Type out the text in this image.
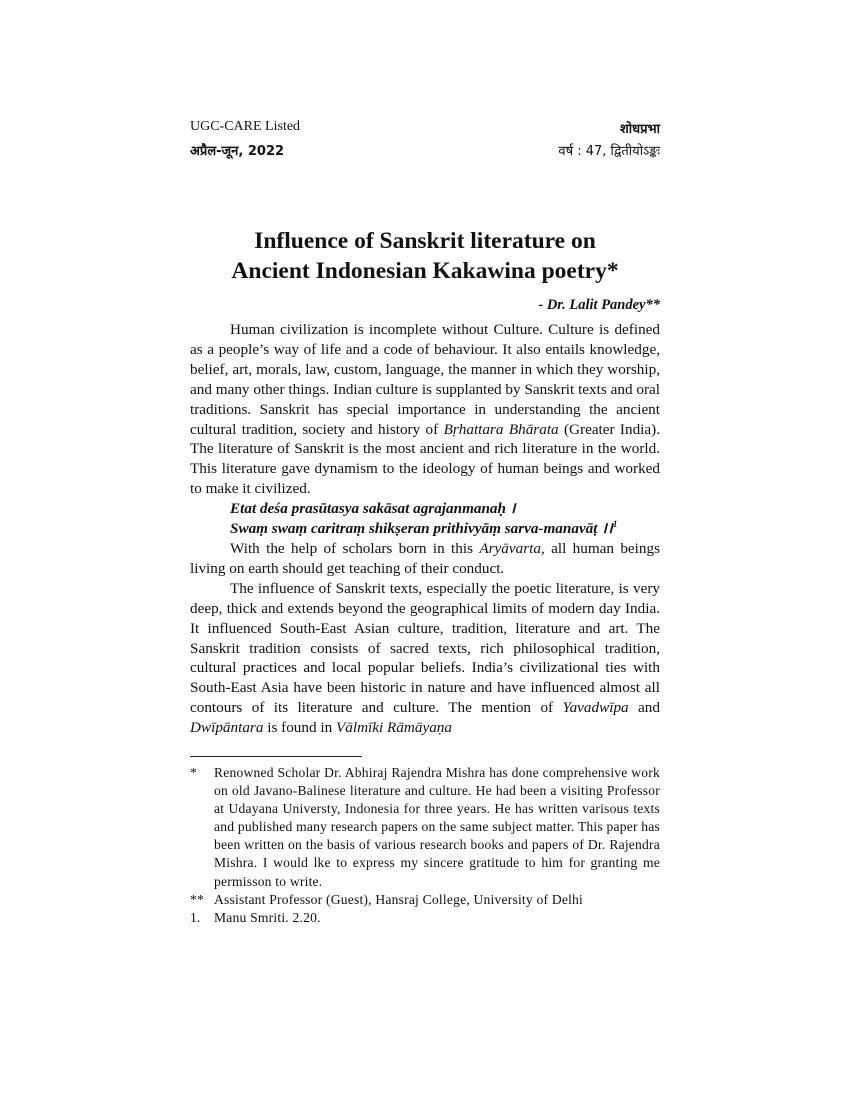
UGC-CARE Listed	शोधप्रभा
अप्रैल-जून, 2022	वर्ष : 47, द्वितीयोऽङ्कः
Influence of Sanskrit literature on
Ancient Indonesian Kakawina poetry*
- Dr. Lalit Pandey**

Human civilization is incomplete without Culture. Culture is defined as a people’s way of life and a code of behaviour. It also entails knowledge, belief, art, morals, law, custom, language, the manner in which they worship, and many other things. Indian culture is supplanted by Sanskrit texts and oral traditions. Sanskrit has special importance in understanding the ancient cultural tradition, society and history of Bṛhattara Bhārata (Greater India). The literature of Sanskrit is the most ancient and rich literature in the world. This literature gave dynamism to the ideology of human beings and worked to make it civilized.

Etat deśa prasūtasya sakāsat agrajanmanaḥ ।

Swaṃ swaṃ caritraṃ shikṣeran prithivyāṃ sarva-manavāṭ ।।$^1$

With the help of scholars born in this Aryāvarta, all human beings living on earth should get teaching of their conduct.

The influence of Sanskrit texts, especially the poetic literature, is very deep, thick and extends beyond the geographical limits of modern day India. It influenced South-East Asian culture, tradition, literature and art. The Sanskrit tradition consists of sacred texts, rich philosophical tradition, cultural practices and local popular beliefs. India’s civilizational ties with South-East Asia have been historic in nature and have influenced almost all contours of its literature and culture. The mention of Yavadwīpa and Dwīpāntara is found in Vālmīki Rāmāyaṇa

*	Renowned Scholar Dr. Abhiraj Rajendra Mishra has done comprehensive work on old Javano-Balinese literature and culture. He had been a visiting Professor at Udayana Universty, Indonesia for three years. He has written varisous texts and published many research papers on the same subject matter. This paper has been written on the basis of various research books and papers of Dr. Rajendra Mishra. I would lke to express my sincere gratitude to him for granting me permisson to write.
** Assistant Professor (Guest), Hansraj College, University of Delhi
1. Manu Smriti. 2.20.
